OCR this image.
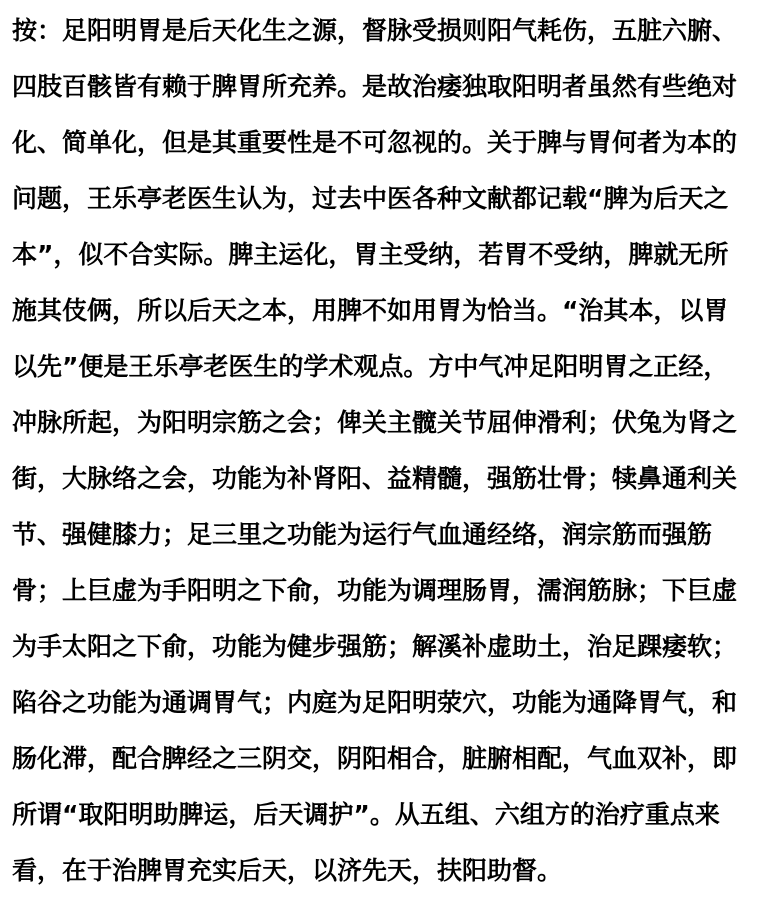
按：足阳明胃是后天化生之源，督脉受损则阳气耗伤，五脏六腑、
四肢百骸皆有赖于脾胃所充养。是故治痿独取阳明者虽然有些绝对
化、简单化，但是其重要性是不可忽视的。关于脾与胃何者为本的
问题，王乐亭老医生认为，过去中医各种文献都记载“脾为后天之
本”，似不合实际。脾主运化，胃主受纳，若胃不受纳，脾就无所
施其伎俩，所以后天之本，用脾不如用胃为恰当。“治其本，以胃
以先”便是王乐亭老医生的学术观点。方中气冲足阳明胃之正经，
冲脉所起，为阳明宗筋之会；俾关主髋关节屈伸滑利；伏兔为肾之
街，大脉络之会，功能为补肾阳、益精髓，强筋壮骨；犊鼻通利关
节、强健膝力；足三里之功能为运行气血通经络，润宗筋而强筋
骨；上巨虚为手阳明之下俞，功能为调理肠胃，濡润筋脉；下巨虚
为手太阳之下俞，功能为健步强筋；解溪补虚助土，治足踝痿软；
陷谷之功能为通调胃气；内庭为足阳明荥穴，功能为通降胃气，和
肠化滞，配合脾经之三阴交，阴阳相合，脏腑相配，气血双补，即
所谓“取阳明助脾运，后天调护”。从五组、六组方的治疗重点来
看，在于治脾胃充实后天，以济先天，扶阳助督。
